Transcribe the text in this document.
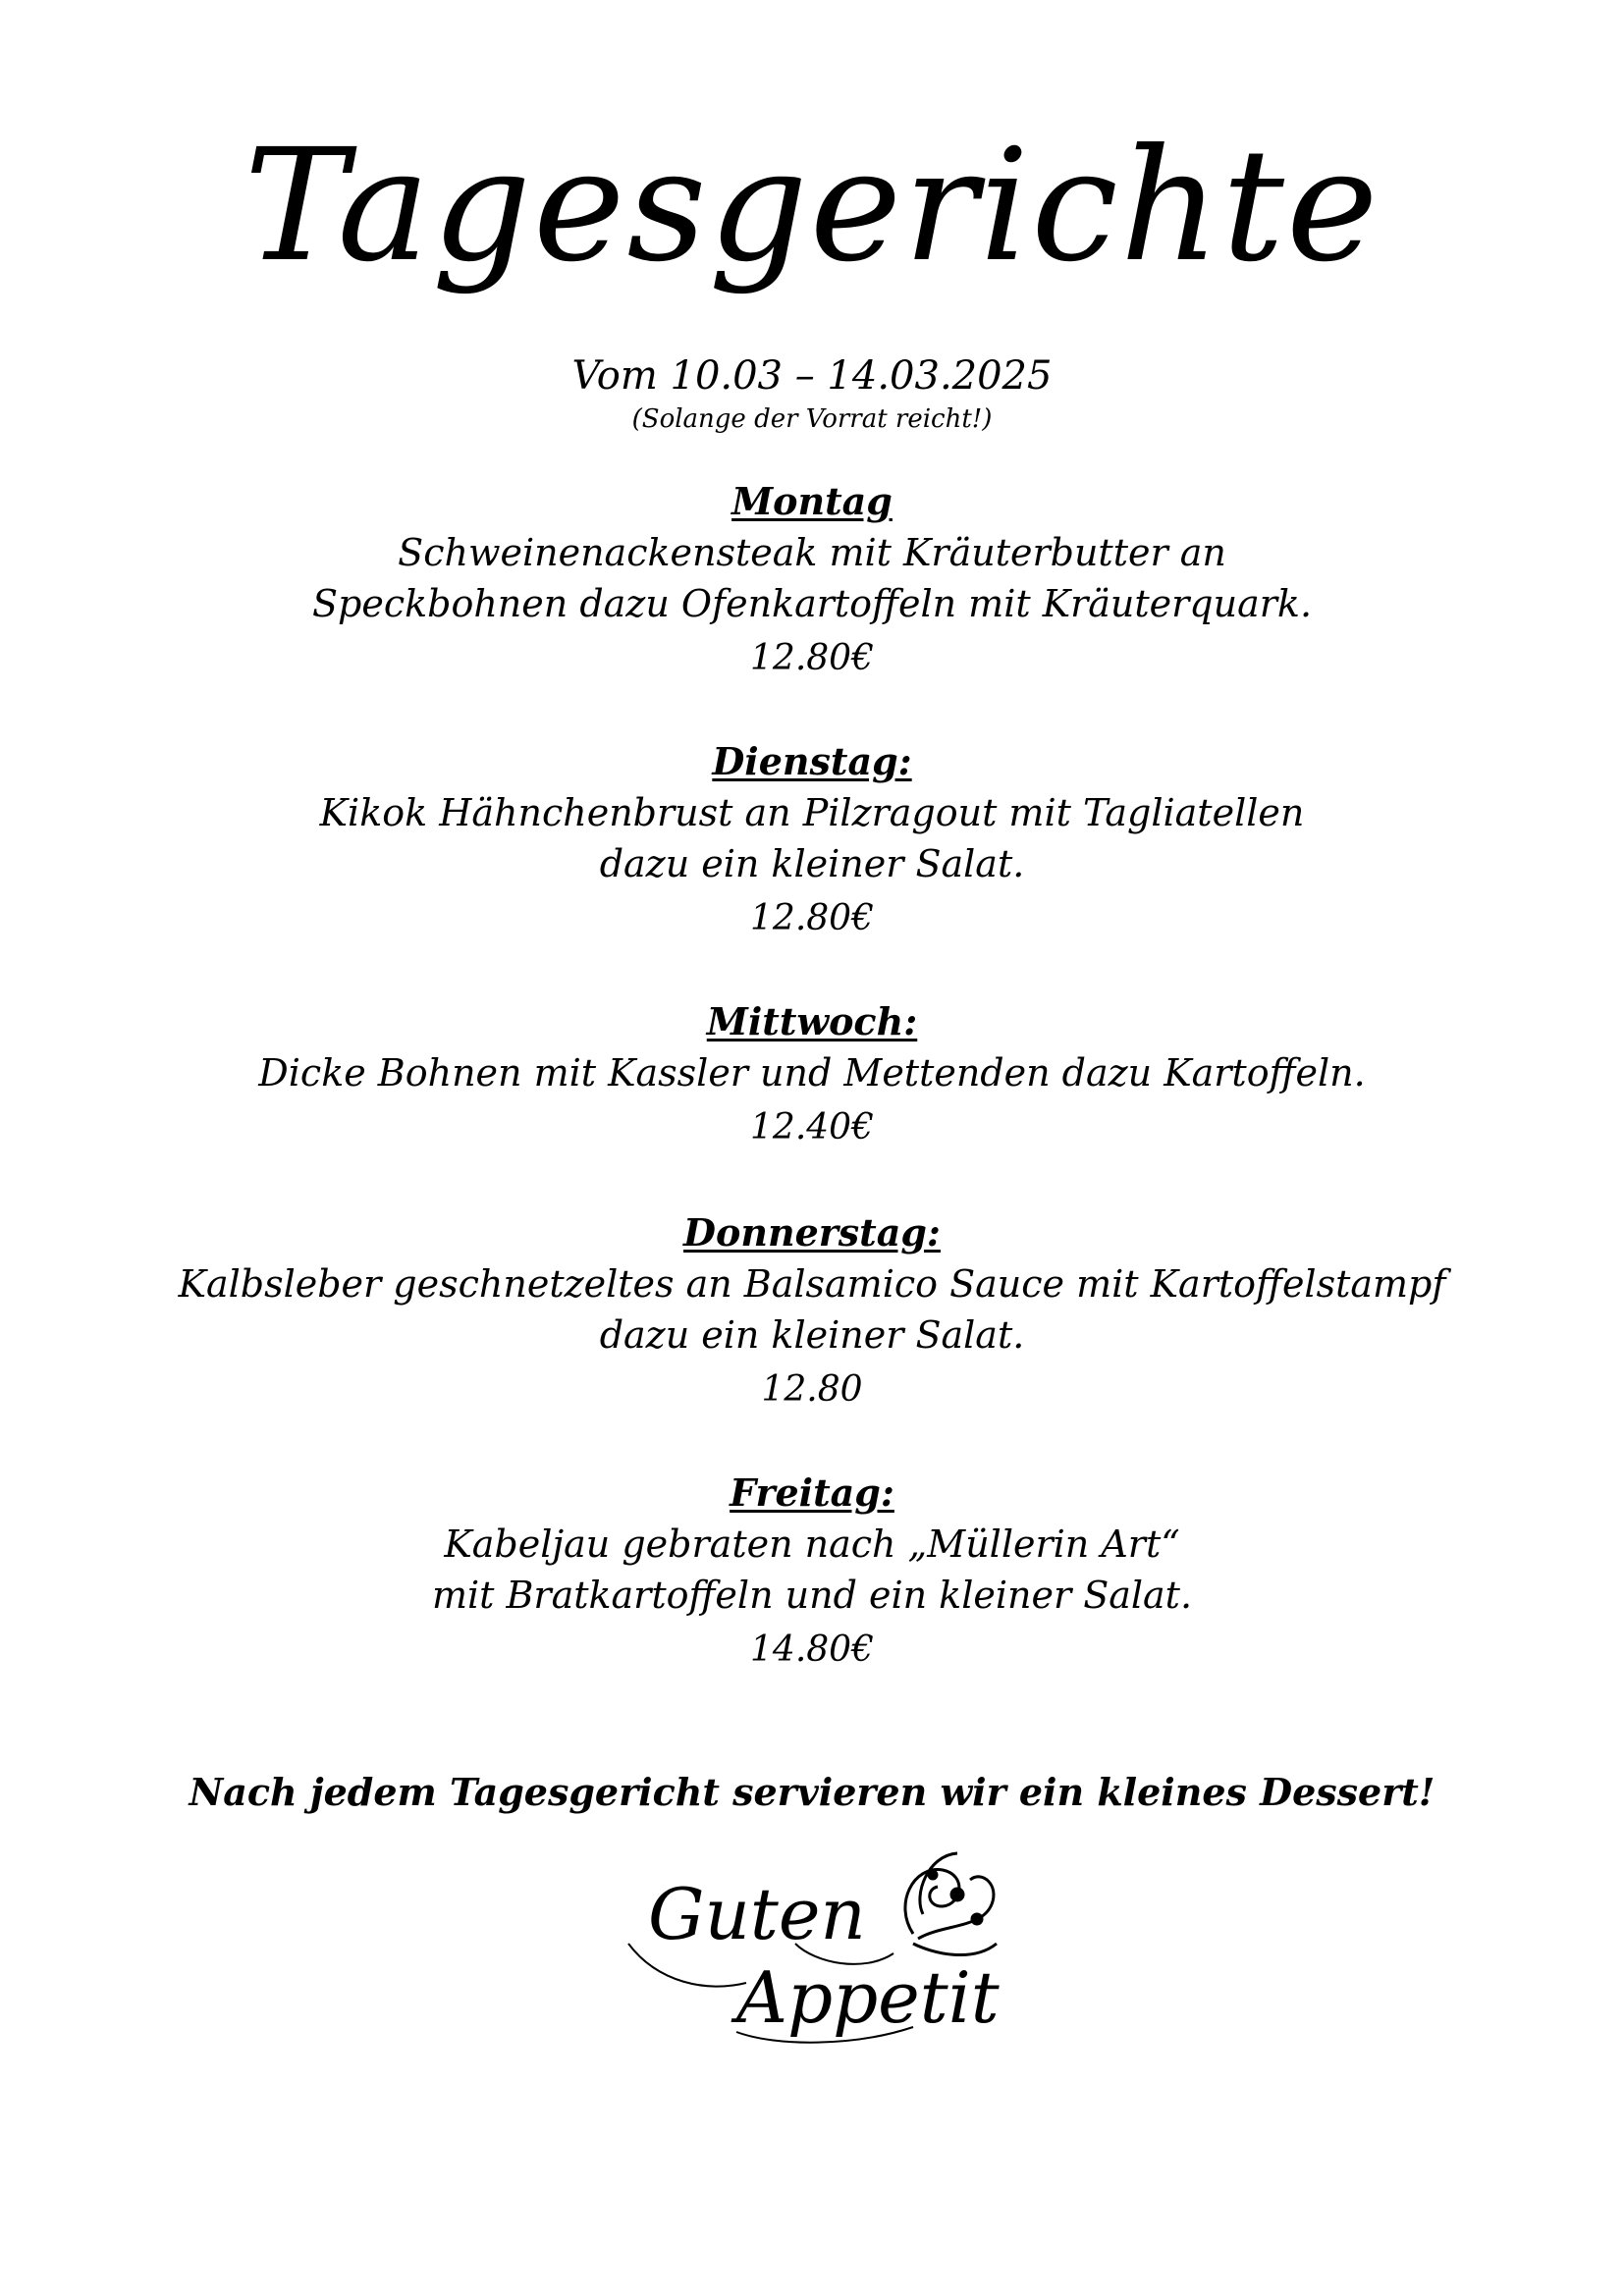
Tagesgerichte
Vom 10.03 – 14.03.2025
(Solange der Vorrat reicht!)
Montag
Schweinenackensteak mit Kräuterbutter an
Speckbohnen dazu Ofenkartoffeln mit Kräuterquark.
12.80€
Dienstag:
Kikok Hähnchenbrust an Pilzragout mit Tagliatellen
dazu ein kleiner Salat.
12.80€
Mittwoch:
Dicke Bohnen mit Kassler und Mettenden dazu Kartoffeln.
12.40€
Donnerstag:
Kalbsleber geschnetzeltes an Balsamico Sauce mit Kartoffelstampf
dazu ein kleiner Salat.
12.80
Freitag:
Kabeljau gebraten nach „Müllerin Art“
mit Bratkartoffeln und ein kleiner Salat.
14.80€
Nach jedem Tagesgericht servieren wir ein kleines Dessert!
Guten
Appetit
